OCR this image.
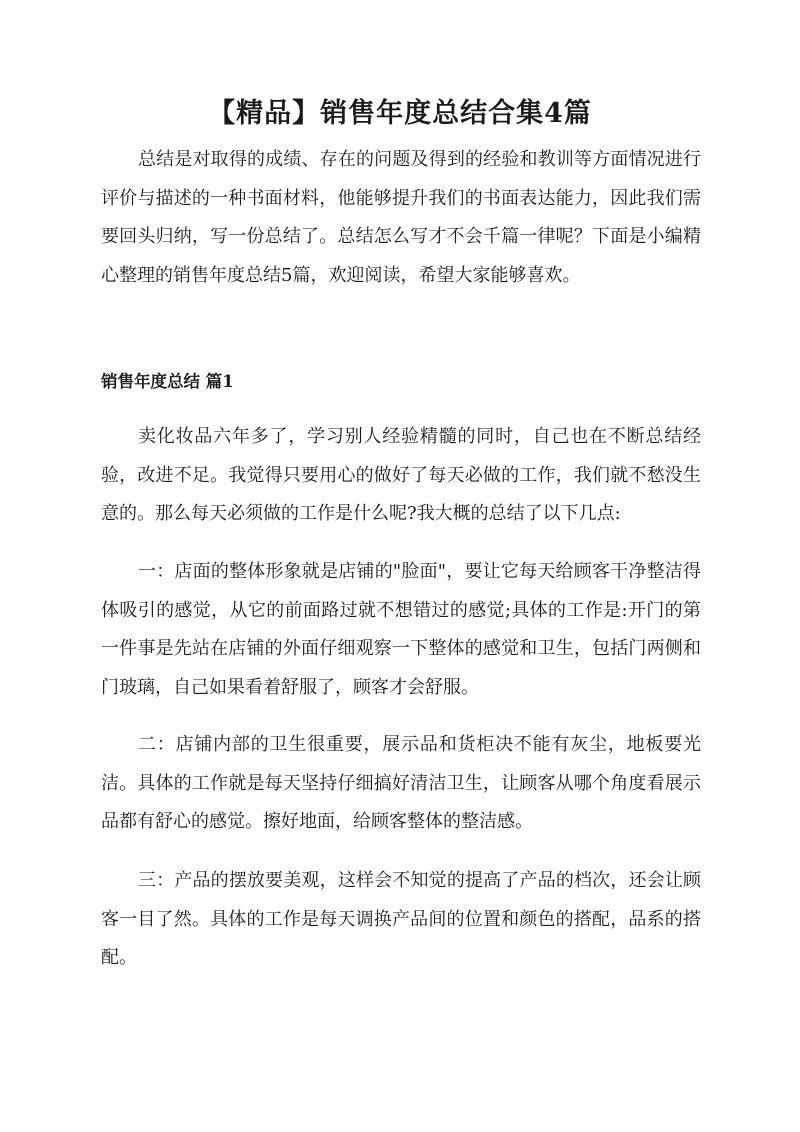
【精品】销售年度总结合集4篇

总结是对取得的成绩、存在的问题及得到的经验和教训等方面情况进行评价与描述的一种书面材料，他能够提升我们的书面表达能力，因此我们需要回头归纳，写一份总结了。总结怎么写才不会千篇一律呢？下面是小编精心整理的销售年度总结5篇，欢迎阅读，希望大家能够喜欢。

销售年度总结 篇1

卖化妆品六年多了，学习别人经验精髓的同时，自己也在不断总结经验，改进不足。我觉得只要用心的做好了每天必做的工作，我们就不愁没生意的。那么每天必须做的工作是什么呢?我大概的总结了以下几点:

一：店面的整体形象就是店铺的"脸面"，要让它每天给顾客干净整洁得体吸引的感觉，从它的前面路过就不想错过的感觉;具体的工作是:开门的第一件事是先站在店铺的外面仔细观察一下整体的感觉和卫生，包括门两侧和门玻璃，自己如果看着舒服了，顾客才会舒服。

二：店铺内部的卫生很重要，展示品和货柜决不能有灰尘，地板要光洁。具体的工作就是每天坚持仔细搞好清洁卫生，让顾客从哪个角度看展示品都有舒心的感觉。擦好地面，给顾客整体的整洁感。

三：产品的摆放要美观，这样会不知觉的提高了产品的档次，还会让顾客一目了然。具体的工作是每天调换产品间的位置和颜色的搭配，品系的搭配。
